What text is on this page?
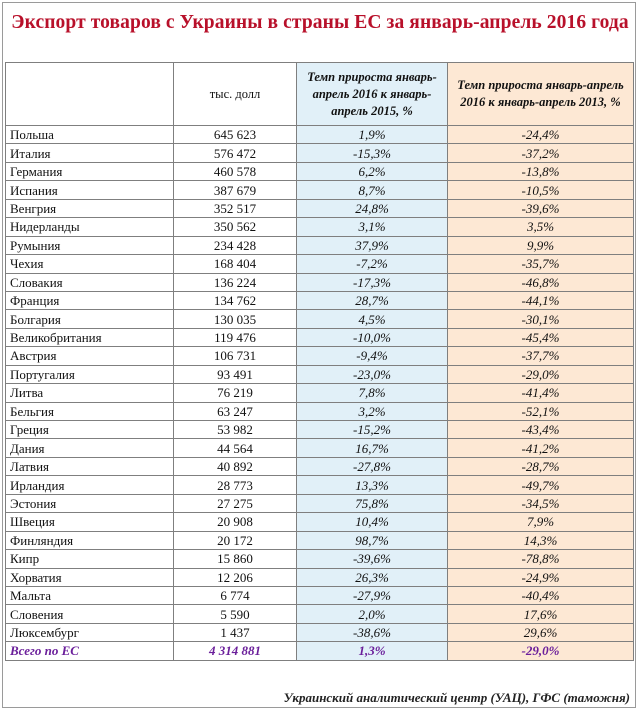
Экспорт товаров с Украины в страны ЕС за январь-апрель 2016 года
	тыс. долл	Темп прироста январь-апрель 2016 к январь-апрель 2015, %	Темп прироста январь-апрель 2016 к январь-апрель 2013, %
Польша	645 623	1,9%	-24,4%
Италия	576 472	-15,3%	-37,2%
Германия	460 578	6,2%	-13,8%
Испания	387 679	8,7%	-10,5%
Венгрия	352 517	24,8%	-39,6%
Нидерланды	350 562	3,1%	3,5%
Румыния	234 428	37,9%	9,9%
Чехия	168 404	-7,2%	-35,7%
Словакия	136 224	-17,3%	-46,8%
Франция	134 762	28,7%	-44,1%
Болгария	130 035	4,5%	-30,1%
Великобритания	119 476	-10,0%	-45,4%
Австрия	106 731	-9,4%	-37,7%
Португалия	93 491	-23,0%	-29,0%
Литва	76 219	7,8%	-41,4%
Бельгия	63 247	3,2%	-52,1%
Греция	53 982	-15,2%	-43,4%
Дания	44 564	16,7%	-41,2%
Латвия	40 892	-27,8%	-28,7%
Ирландия	28 773	13,3%	-49,7%
Эстония	27 275	75,8%	-34,5%
Швеция	20 908	10,4%	7,9%
Финляндия	20 172	98,7%	14,3%
Кипр	15 860	-39,6%	-78,8%
Хорватия	12 206	26,3%	-24,9%
Мальта	6 774	-27,9%	-40,4%
Словения	5 590	2,0%	17,6%
Люксембург	1 437	-38,6%	29,6%
Всего по ЕС	4 314 881	1,3%	-29,0%
Украинский аналитический центр (УАЦ), ГФС (таможня)
